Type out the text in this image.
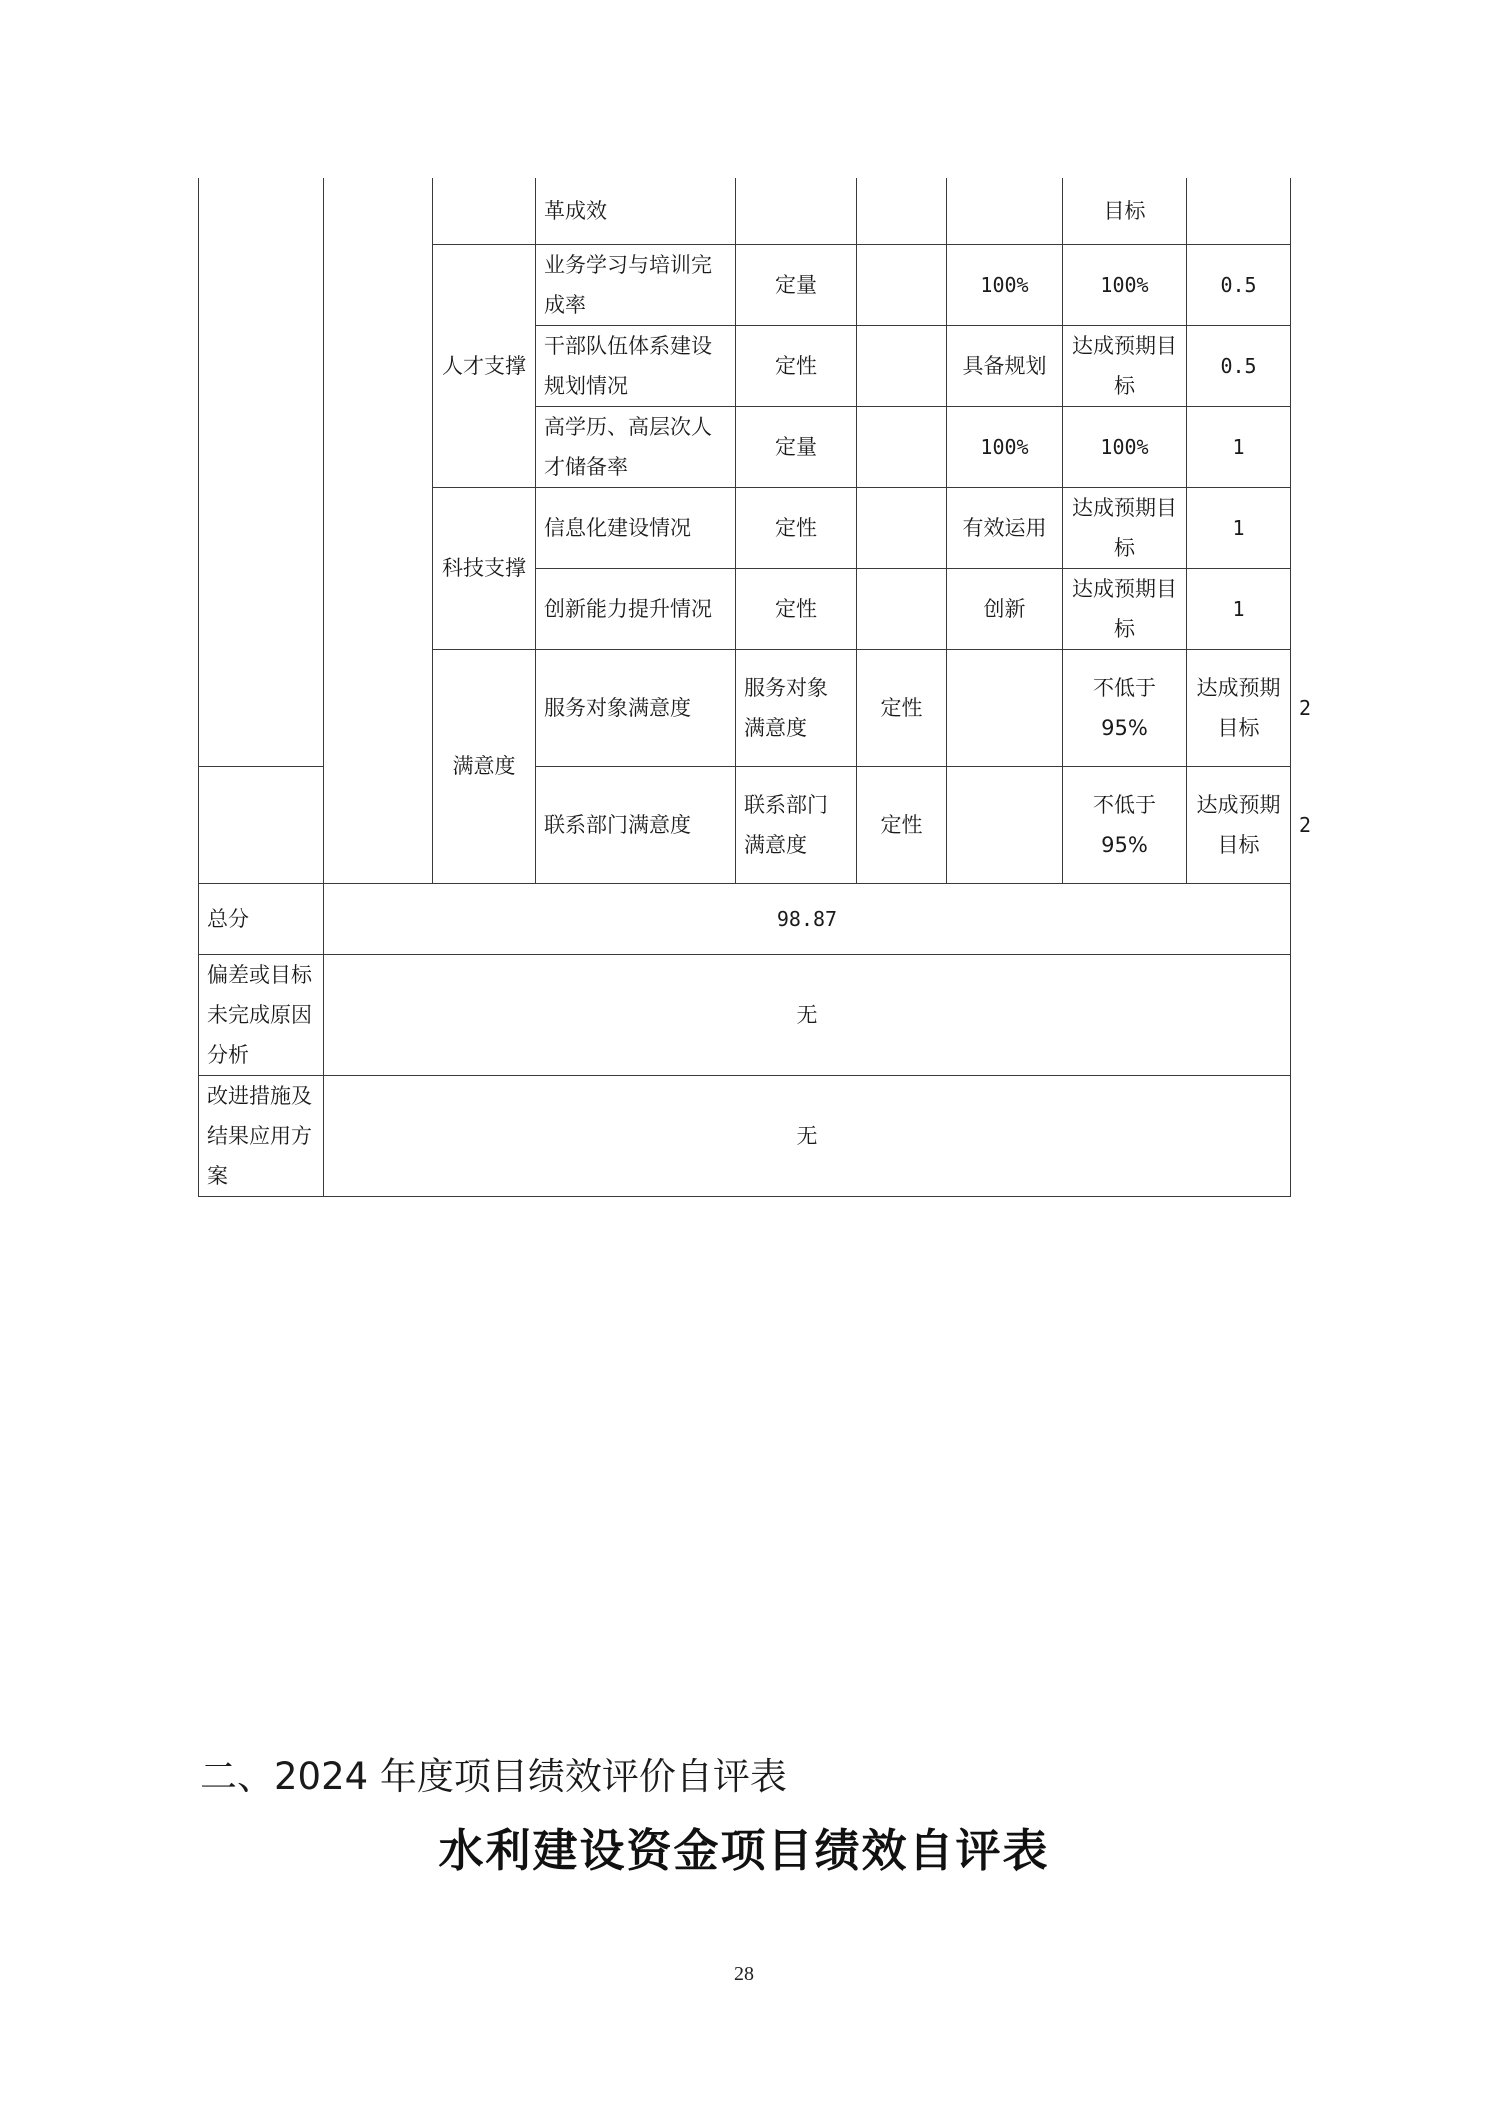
			革成效				目标		
		人才支撑	业务学习与培训完成率	定量		100%	100%	0.5	
			干部队伍体系建设规划情况	定性		具备规划	达成预期目标	0.5	
			高学历、高层次人才储备率	定量		100%	100%	1	
		科技支撑	信息化建设情况	定性		有效运用	达成预期目标	1	
			创新能力提升情况	定性		创新	达成预期目标	1	
		满意度	服务对象满意度	服务对象满意度	定性		不低于95%	达成预期目标	2
			联系部门满意度	联系部门满意度	定性		不低于95%	达成预期目标	2
总分	98.87								
偏差或目标未完成原因分析	无								
改进措施及结果应用方案	无								
二、2024 年度项目绩效评价自评表
水利建设资金项目绩效自评表
28
